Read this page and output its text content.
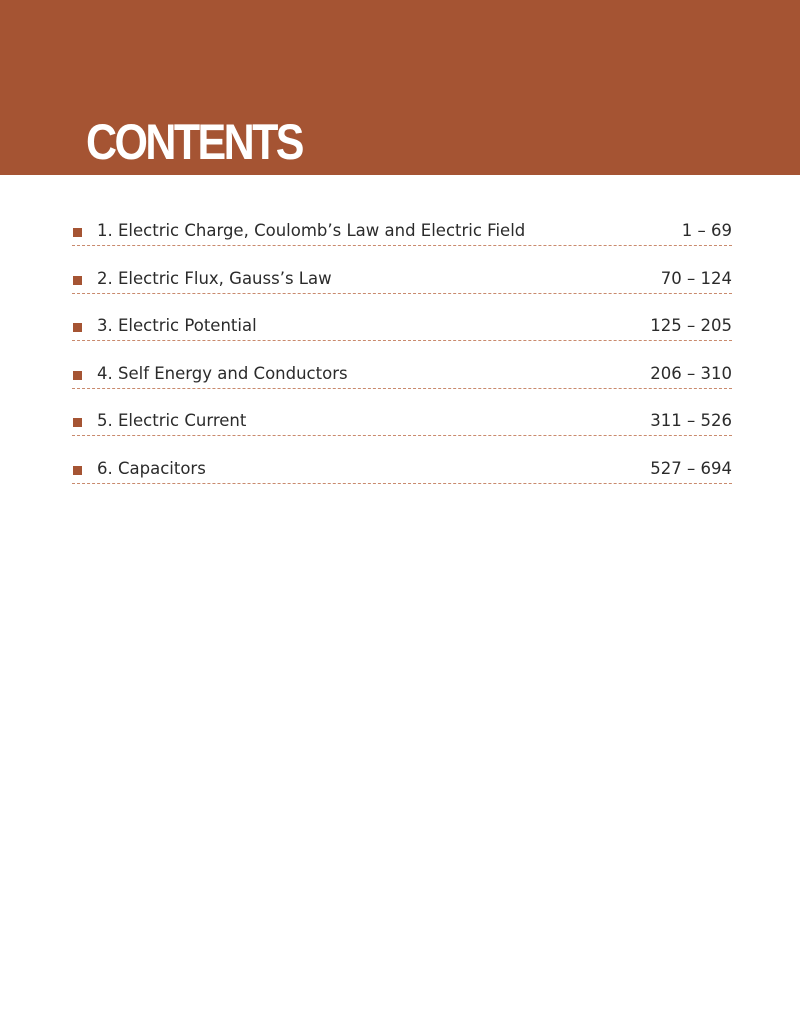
CONTENTS
1. Electric Charge, Coulomb’s Law and Electric Field	1 – 69
2. Electric Flux, Gauss’s Law	70 – 124
3. Electric Potential	125 – 205
4. Self Energy and Conductors	206 – 310
5. Electric Current	311 – 526
6. Capacitors	527 – 694
